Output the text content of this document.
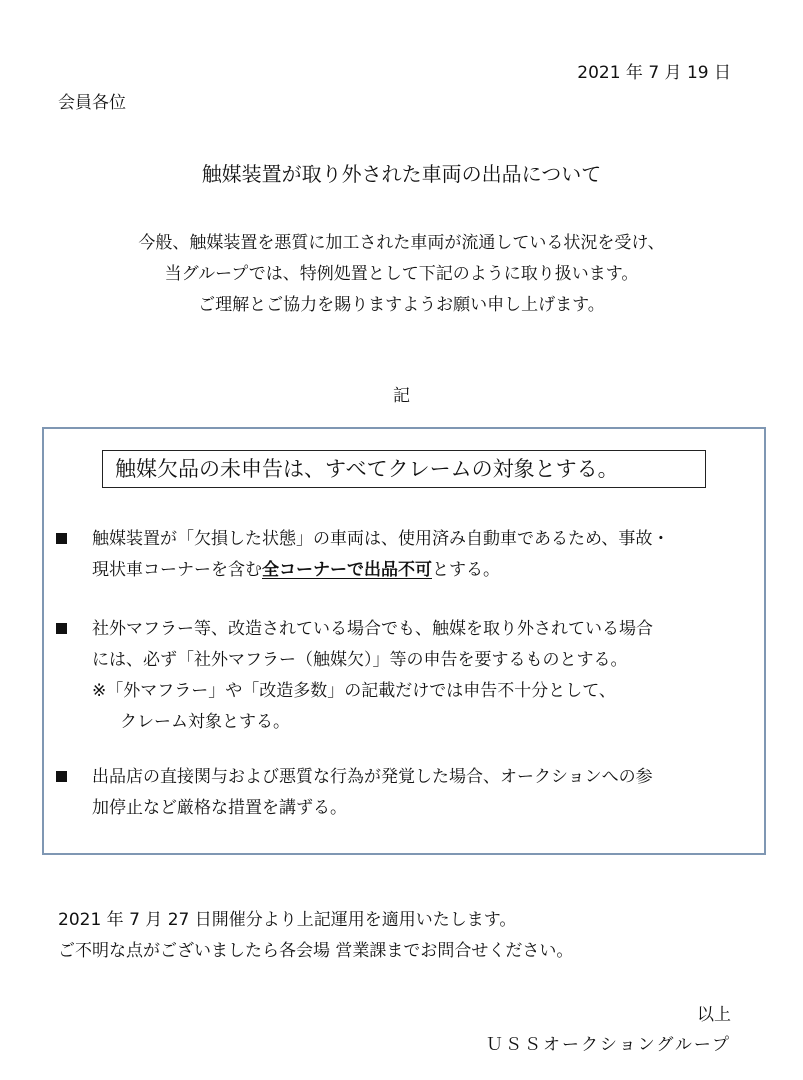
2021 年 7 月 19 日
会員各位
触媒装置が取り外された車両の出品について
今般、触媒装置を悪質に加工された車両が流通している状況を受け、
当グループでは、特例処置として下記のように取り扱います。
ご理解とご協力を賜りますようお願い申し上げます。
記
触媒欠品の未申告は、すべてクレームの対象とする。
触媒装置が「欠損した状態」の車両は、使用済み自動車であるため、事故・
現状車コーナーを含む全コーナーで出品不可とする。
社外マフラー等、改造されている場合でも、触媒を取り外されている場合
には、必ず「社外マフラー（触媒欠）」等の申告を要するものとする。
※「外マフラー」や「改造多数」の記載だけでは申告不十分として、
クレーム対象とする。
出品店の直接関与および悪質な行為が発覚した場合、オークションへの参
加停止など厳格な措置を講ずる。
2021 年 7 月 27 日開催分より上記運用を適用いたします。
ご不明な点がございましたら各会場 営業課までお問合せください。
以上
ＵＳＳオークショングループ
